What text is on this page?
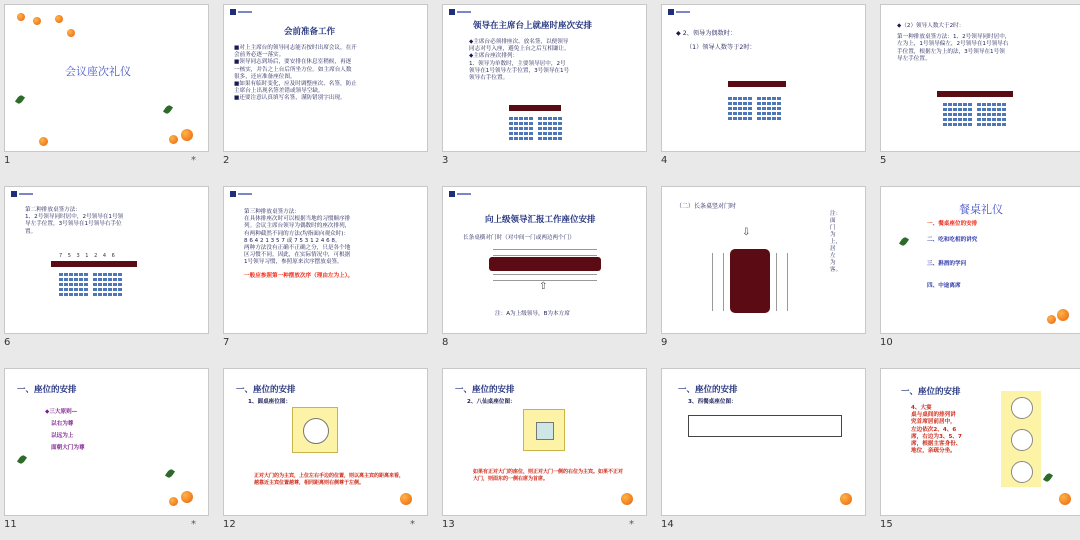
会议座次礼仪
1	*
会前准备工作
■对上主席台的领导同志能否按时出席会议，在开
会前务必逐一落实。
■领导同志到场后，要安排在休息室稍候，再逐
一核实，并告之上台后所坐方位。如主席台人数
很多，还应准备座位图。
■如果有临时变化，应及时调整座次、名签，防止
主席台上出现名签差错或领导空缺。
■还要注意认真填写名签，谨防错别字出现。
2
领导在主席台上就座时座次安排
◆主席台必须排座次、放名签，以便领导
同志对号入座，避免上台之后互相谦让。
◆主席台座次排列：
1、领导为单数时，主要领导居中，2号
领导在1号领导左手位置，3号领导在1号
领导右手位置。
3
◆ 2、领导为偶数时：
（1）领导人数等于2时：
4
◆（2）领导人数大于2时：
第一种排放桌签方法：1、2号领导同时居中，
左为上，1号领导偏左，2号领导在1号领导右
手位置，根据左为上的法，3号领导在1号领
导左手位置。
5
第二种排放桌签方法：
1、2号领导同时居中，2号领导在1号领
导左手位置，3号领导在1号领导右手位
置。
7 5 3 1 2 4 6
6
第三种排放桌签方法：
在具体排座次时可以根据当地的习惯顺序排
列。会议主席台领导为偶数时的座次排列，
有两种截然不同的方法(均指面向观众时)：
8 6 4 2 1 3 5 7 或 7 5 3 1 2 4 6 8。
两种方法没有正确不正确之分，只是各个地
区习惯不同。因此，在实际情况中，可根据
1号领导习惯，参照原来次序摆放桌签。
一般应参照第一种摆放次序（理由左为上）。
7
向上级领导汇报工作座位安排
长条桌横对门时（对中间一门或两边两个门）
⇧
注：A为上级领导，B为本方席
8
（二）长条桌竖对门时
⇩
注：面门为上，居左为客。
9
餐桌礼仪
一、餐桌座位的安排
二、吃和吃相的讲究
三、斟酒的学问
四、中途离席
10
一、座位的安排
◆三大原则—
以右为尊
以远为上
面朝大门为尊
11	*
一、座位的安排
1、圆桌座位图：
正对大门的为主宾，上位左右手边的位置，则以离主宾的距离来看，越靠近主宾位置越尊，相同距离则右侧尊于左侧。
12	*
一、座位的安排
2、八仙桌座位图：
如果有正对大门的座位，则正对大门一侧的右位为主宾。如果不正对大门，则面东的一侧右席为首席。
13	*
一、座位的安排
3、西餐桌座位图：
14
一、座位的安排
4、大宴
桌与桌间的排列讲
究首席居前居中，
左边依次2、4、6
席，右边为3、5、7
席，根据主客身份、
地位，亲疏分坐。
15
